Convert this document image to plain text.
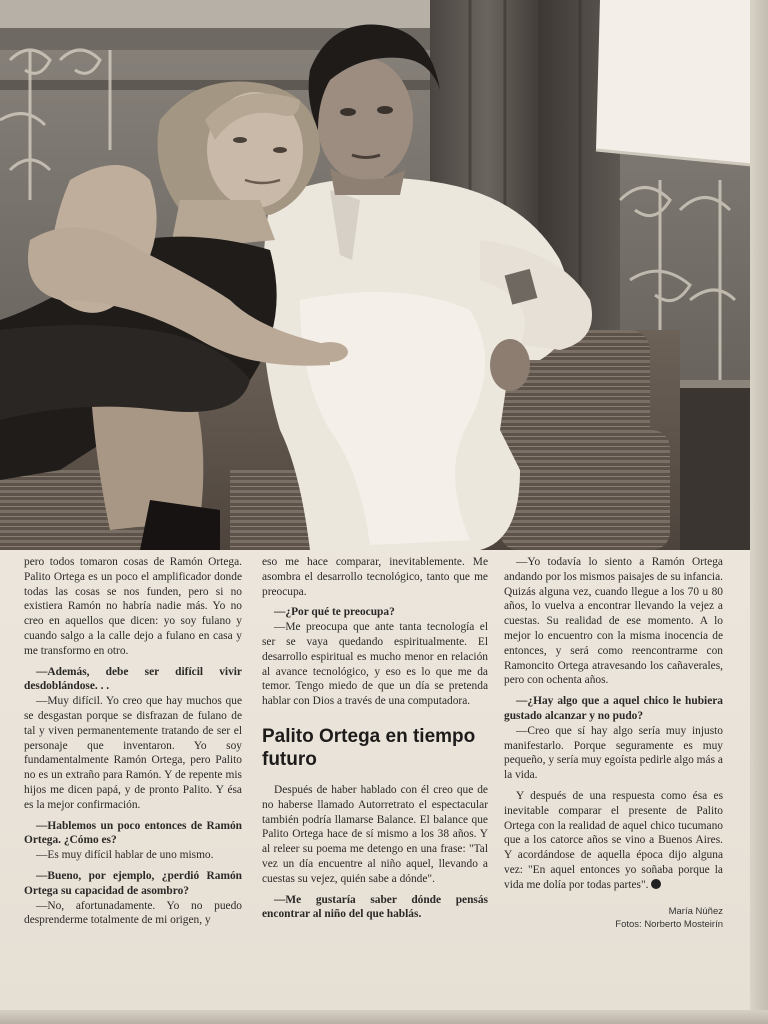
pero todos tomaron cosas de Ramón Ortega. Palito Ortega es un poco el amplificador donde todas las cosas se nos funden, pero si no existiera Ramón no habría nadie más. Yo no creo en aquellos que dicen: yo soy fulano y cuando salgo a la calle dejo a fulano en casa y me transformo en otro.

—Además, debe ser difícil vivir desdoblándose. . .

—Muy difícil. Yo creo que hay muchos que se desgastan porque se disfrazan de fulano de tal y viven permanentemente tratando de ser el personaje que inventaron. Yo soy fundamentalmente Ramón Ortega, pero Palito no es un extraño para Ramón. Y de repente mis hijos me dicen papá, y de pronto Palito. Y ésa es la mejor confirmación.

—Hablemos un poco entonces de Ramón Ortega. ¿Cómo es?

—Es muy difícil hablar de uno mismo.

—Bueno, por ejemplo, ¿perdió Ramón Ortega su capacidad de asombro?

—No, afortunadamente. Yo no puedo desprenderme totalmente de mi origen, y

eso me hace comparar, inevitablemente. Me asombra el desarrollo tecnológico, tanto que me preocupa.

—¿Por qué te preocupa?

—Me preocupa que ante tanta tecnología el ser se vaya quedando espiritualmente. El desarrollo espiritual es mucho menor en relación al avance tecnológico, y eso es lo que me da temor. Tengo miedo de que un día se pretenda hablar con Dios a través de una computadora.

Palito Ortega en tiempo futuro

Después de haber hablado con él creo que de no haberse llamado Autorretrato el espectacular también podría llamarse Balance. El balance que Palito Ortega hace de sí mismo a los 38 años. Y al releer su poema me detengo en una frase: "Tal vez un día encuentre al niño aquel, llevando a cuestas su vejez, quién sabe a dónde".

—Me gustaría saber dónde pensás encontrar al niño del que hablás.

—Yo todavía lo siento a Ramón Ortega andando por los mismos paisajes de su infancia. Quizás alguna vez, cuando llegue a los 70 u 80 años, lo vuelva a encontrar llevando la vejez a cuestas. Su realidad de ese momento. A lo mejor lo encuentro con la misma inocencia de entonces, y será como reencontrarme con Ramoncito Ortega atravesando los cañaverales, pero con ochenta años.

—¿Hay algo que a aquel chico le hubiera gustado alcanzar y no pudo?

—Creo que sí hay algo sería muy injusto manifestarlo. Porque seguramente es muy pequeño, y sería muy egoísta pedirle algo más a la vida.

Y después de una respuesta como ésa es inevitable comparar el presente de Palito Ortega con la realidad de aquel chico tucumano que a los catorce años se vino a Buenos Aires. Y acordándose de aquella época dijo alguna vez: "En aquel entonces yo soñaba porque la vida me dolía por todas partes".

María Núñez
Fotos: Norberto Mosteirín
